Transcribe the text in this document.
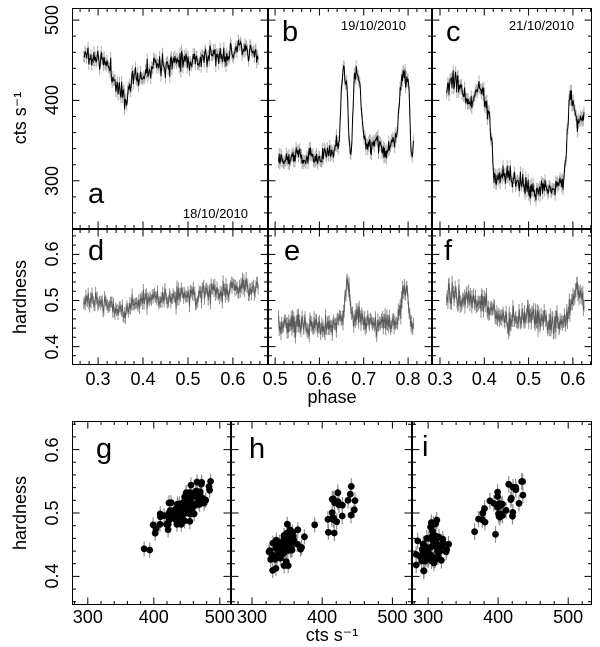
cts s⁻¹
hardness
hardness
phase
cts s⁻¹
a
18/10/2010
b	19/10/2010 c	21/10/2010
d	e	f
g	h	i
300
400
500
0.3	0.4	0.5	0.6
0.4
0.5
0.6
0.5	0.6	0.7	0.8 0.3	0.4	0.5	0.6
300	400	500
0.4
0.5
0.6
300	400	500 300	400	500
